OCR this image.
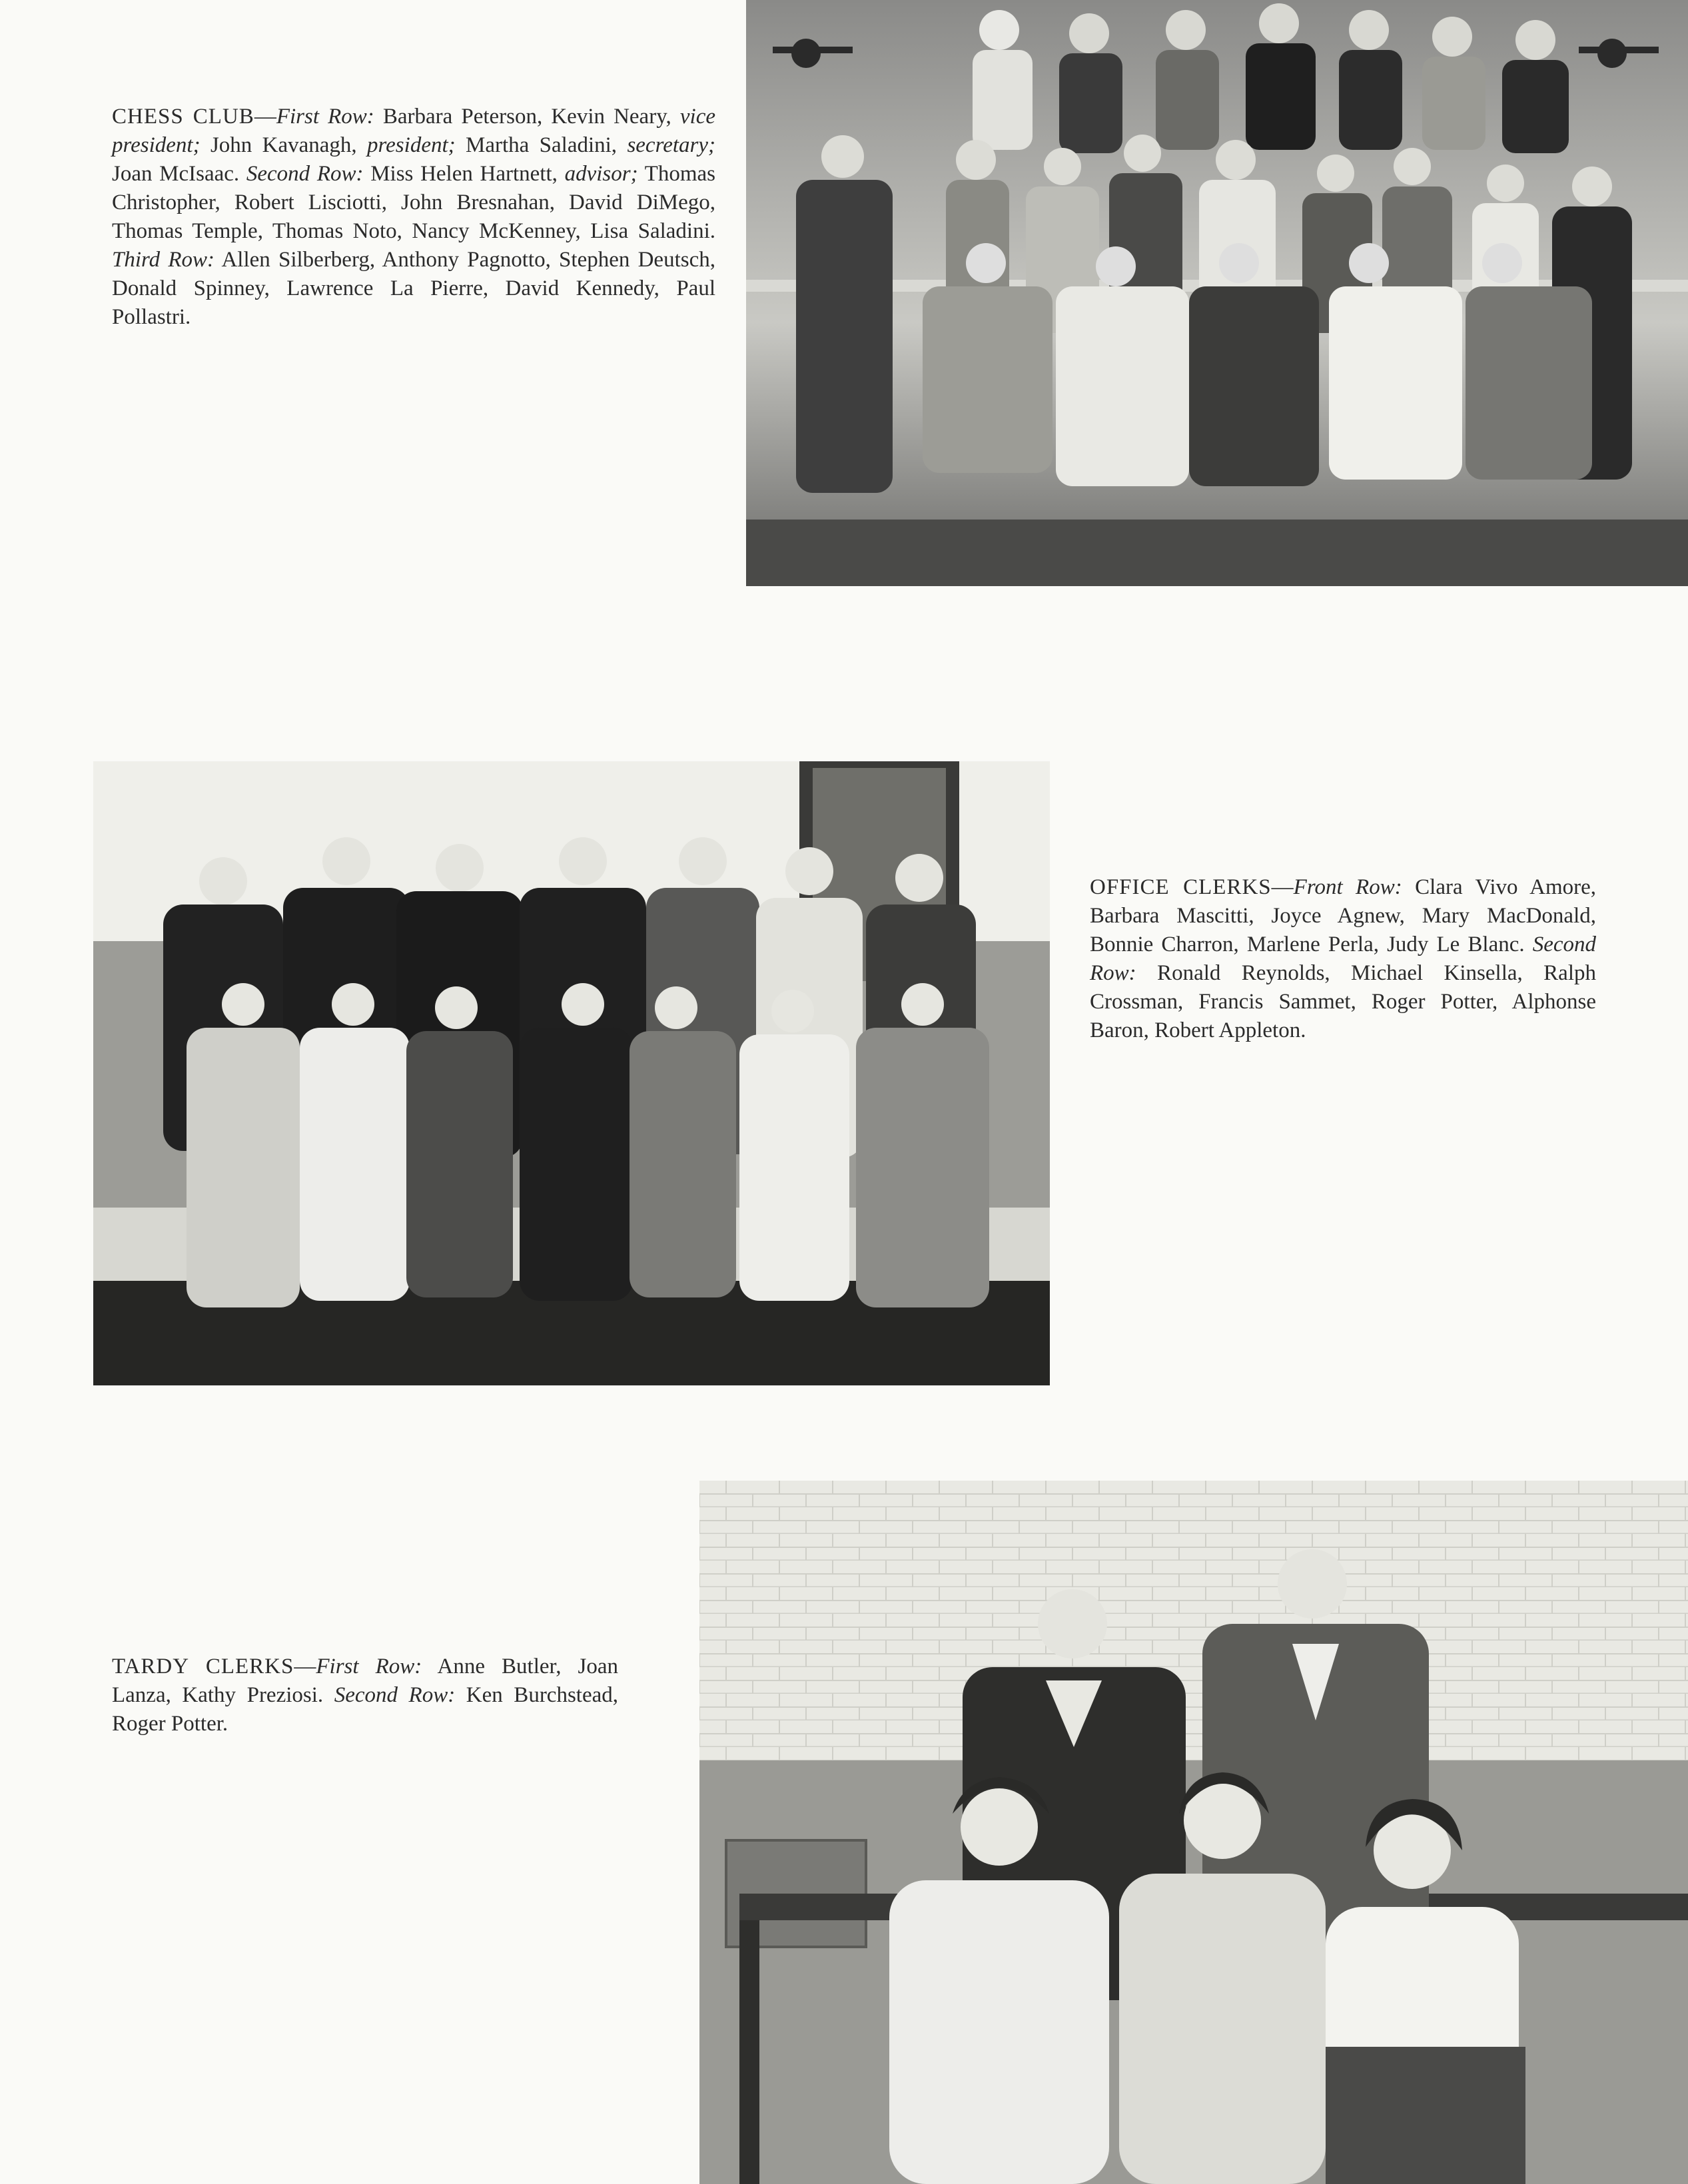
CHESS CLUB—First Row: Barbara Peterson, Kevin Neary, vice president; John Kavanagh, president; Martha Saladini, secretary; Joan McIsaac. Second Row: Miss Helen Hartnett, advisor; Thomas Christopher, Robert Lisciotti, John Bresnahan, David DiMego, Thomas Temple, Thomas Noto, Nancy McKenney, Lisa Saladini. Third Row: Allen Silberberg, Anthony Pagnotto, Stephen Deutsch, Donald Spinney, Lawrence La Pierre, David Kennedy, Paul Pollastri.
OFFICE CLERKS—Front Row: Clara Vivo Amore, Barbara Mascitti, Joyce Agnew, Mary MacDonald, Bonnie Charron, Marlene Perla, Judy Le Blanc. Second Row: Ronald Reynolds, Michael Kinsella, Ralph Crossman, Francis Sammet, Roger Potter, Alphonse Baron, Robert Appleton.
TARDY CLERKS—First Row: Anne Butler, Joan Lanza, Kathy Preziosi. Second Row: Ken Burchstead, Roger Potter.
